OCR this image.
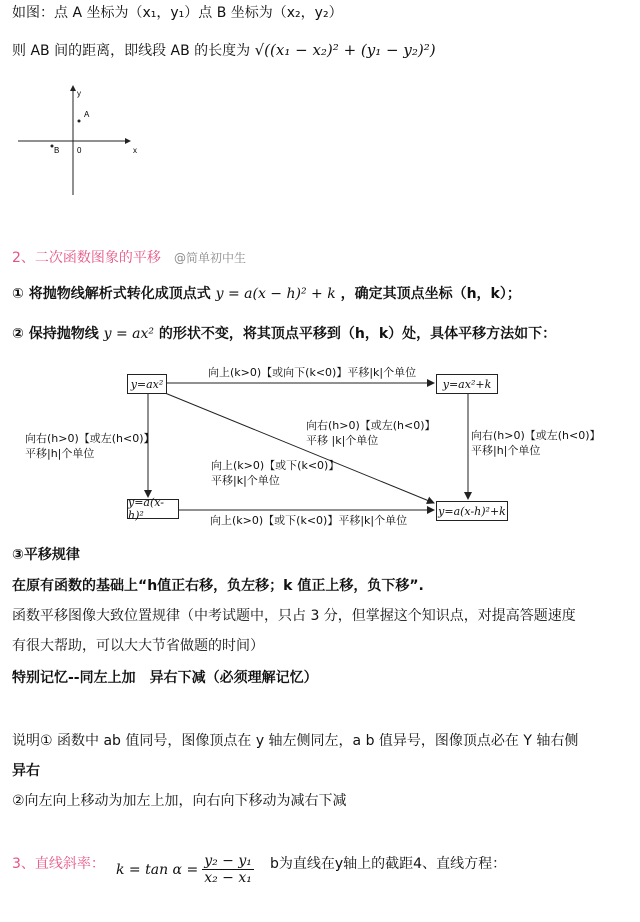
如图：点 A 坐标为（x₁，y₁）点 B 坐标为（x₂，y₂）
则 AB 间的距离，即线段 AB 的长度为 √((x₁ − x₂)² + (y₁ − y₂)²)
y
x
0
A
B
2、二次函数图象的平移 @简单初中生
① 将抛物线解析式转化成顶点式 y = a(x − h)² + k ，确定其顶点坐标（h，k）；
② 保持抛物线 y = ax² 的形状不变，将其顶点平移到（h，k）处，具体平移方法如下：
y=ax²	y=ax²+k
y=a(x-h)²	y=a(x-h)²+k
向上(k>0)【或向下(k<0)】平移|k|个单位
向上(k>0)【或下(k<0)】平移|k|个单位
向右(h>0)【或左(h<0)】
平移|h|个单位
向右(h>0)【或左(h<0)】
平移|h|个单位
向右(h>0)【或左(h<0)】
平移 |k|个单位
向上(k>0)【或下(k<0)】
平移|k|个单位
③平移规律
在原有函数的基础上“h值正右移，负左移；k 值正上移，负下移”.
函数平移图像大致位置规律（中考试题中，只占 3 分，但掌握这个知识点，对提高答题速度
有很大帮助，可以大大节省做题的时间）
特别记忆--同左上加　异右下减（必须理解记忆）
说明① 函数中 ab 值同号，图像顶点在 y 轴左侧同左，a b 值异号，图像顶点必在 Y 轴右侧
异右
②向左向上移动为加左上加，向右向下移动为减右下减
3、直线斜率： $k = \tan \alpha = \frac{\text{y₂ − y₁}}{\text{x₂ − x₁}}$ b为直线在y轴上的截距4、直线方程：
